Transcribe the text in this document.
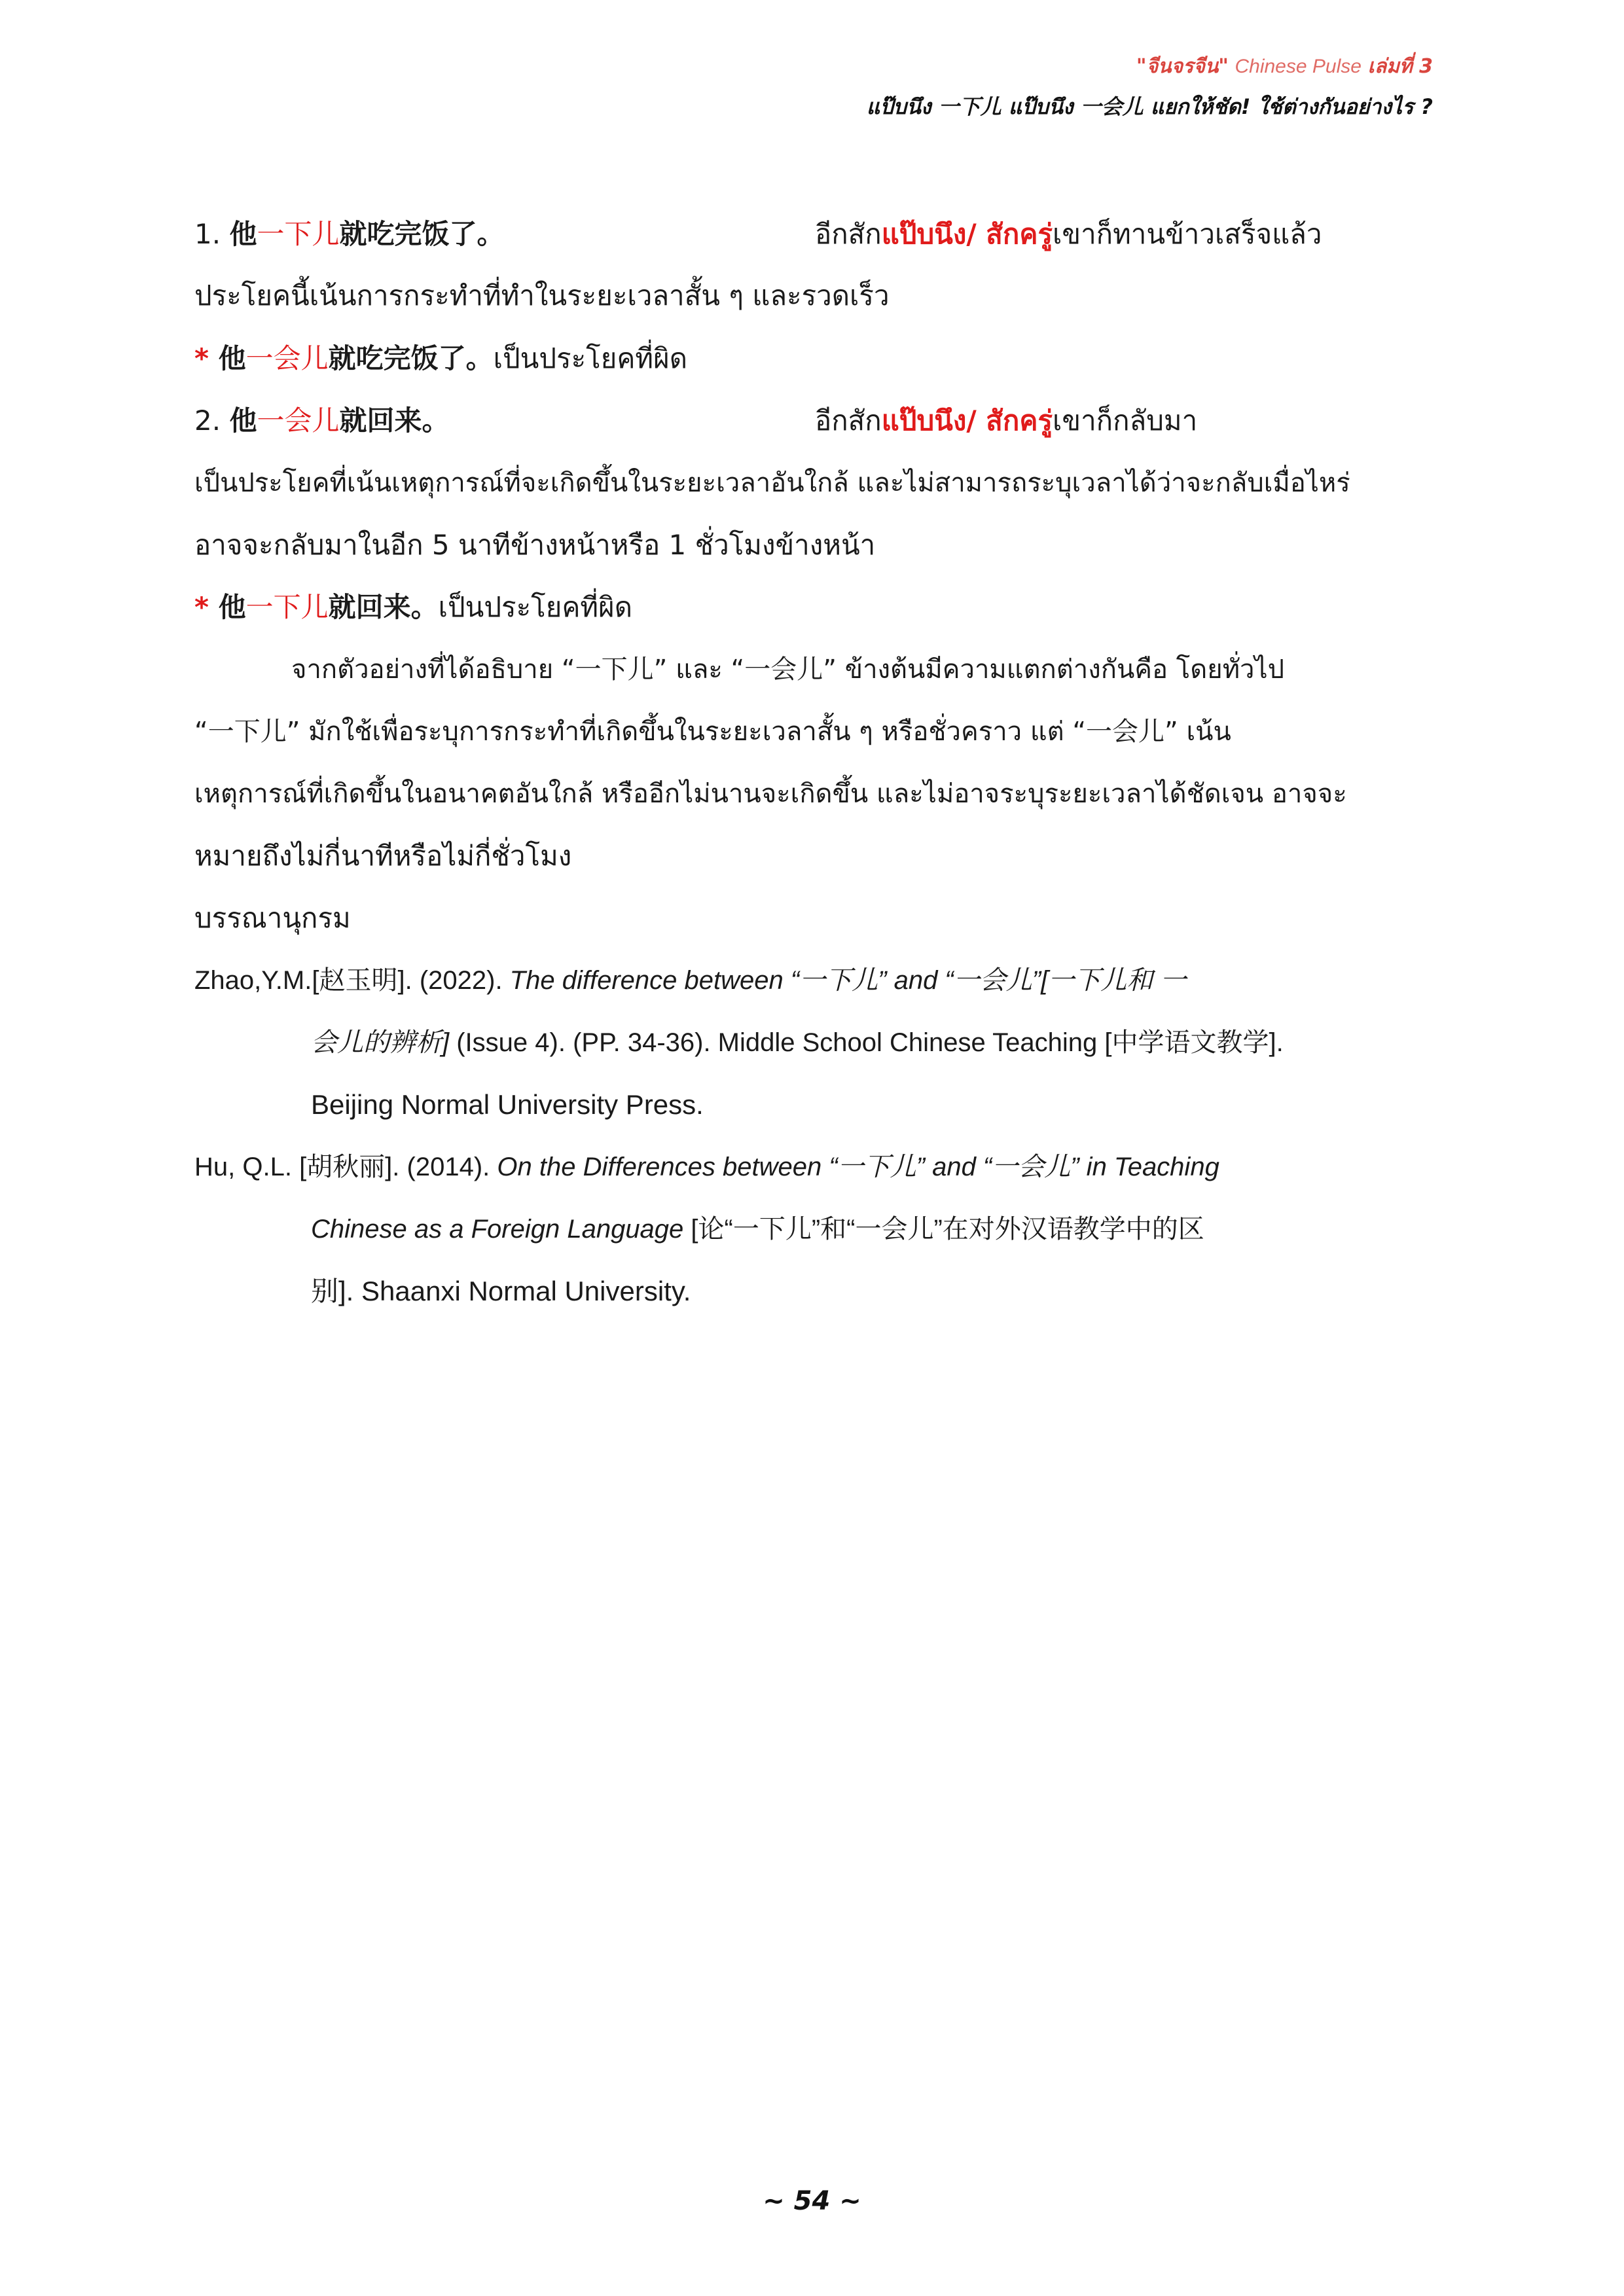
"จีนจรจีน" Chinese Pulse เล่มที่ 3
แป๊บนึง 一下儿 แป๊บนึง 一会儿 แยกให้ชัด! ใช้ต่างกันอย่างไร ?
1. 他一下儿就吃完饭了。	อีกสักแป๊บนึง/ สักครู่เขาก็ทานข้าวเสร็จแล้ว
ประโยคนี้เน้นการกระทำที่ทำในระยะเวลาสั้น ๆ และรวดเร็ว
* 他一会儿就吃完饭了。เป็นประโยคที่ผิด
2. 他一会儿就回来。	อีกสักแป๊บนึง/ สักครู่เขาก็กลับมา
เป็นประโยคที่เน้นเหตุการณ์ที่จะเกิดขึ้นในระยะเวลาอันใกล้ และไม่สามารถระบุเวลาได้ว่าจะกลับเมื่อไหร่
อาจจะกลับมาในอีก 5 นาทีข้างหน้าหรือ 1 ชั่วโมงข้างหน้า
* 他一下儿就回来。เป็นประโยคที่ผิด
จากตัวอย่างที่ได้อธิบาย “一下儿” และ “一会儿” ข้างต้นมีความแตกต่างกันคือ โดยทั่วไป
“一下儿” มักใช้เพื่อระบุการกระทำที่เกิดขึ้นในระยะเวลาสั้น ๆ หรือชั่วคราว แต่ “一会儿” เน้น
เหตุการณ์ที่เกิดขึ้นในอนาคตอันใกล้ หรืออีกไม่นานจะเกิดขึ้น และไม่อาจระบุระยะเวลาได้ชัดเจน อาจจะ
หมายถึงไม่กี่นาทีหรือไม่กี่ชั่วโมง
บรรณานุกรม
Zhao,Y.M.[赵玉明]. (2022). The difference between “一下儿” and “一会儿”[一下儿和 一
会儿的辨析] (Issue 4). (PP. 34-36). Middle School Chinese Teaching [中学语文教学].
Beijing Normal University Press.
Hu, Q.L. [胡秋丽]. (2014). On the Differences between “一下儿” and “一会儿” in Teaching
Chinese as a Foreign Language [论“一下儿”和“一会儿”在对外汉语教学中的区
别]. Shaanxi Normal University.
~ 54 ~
